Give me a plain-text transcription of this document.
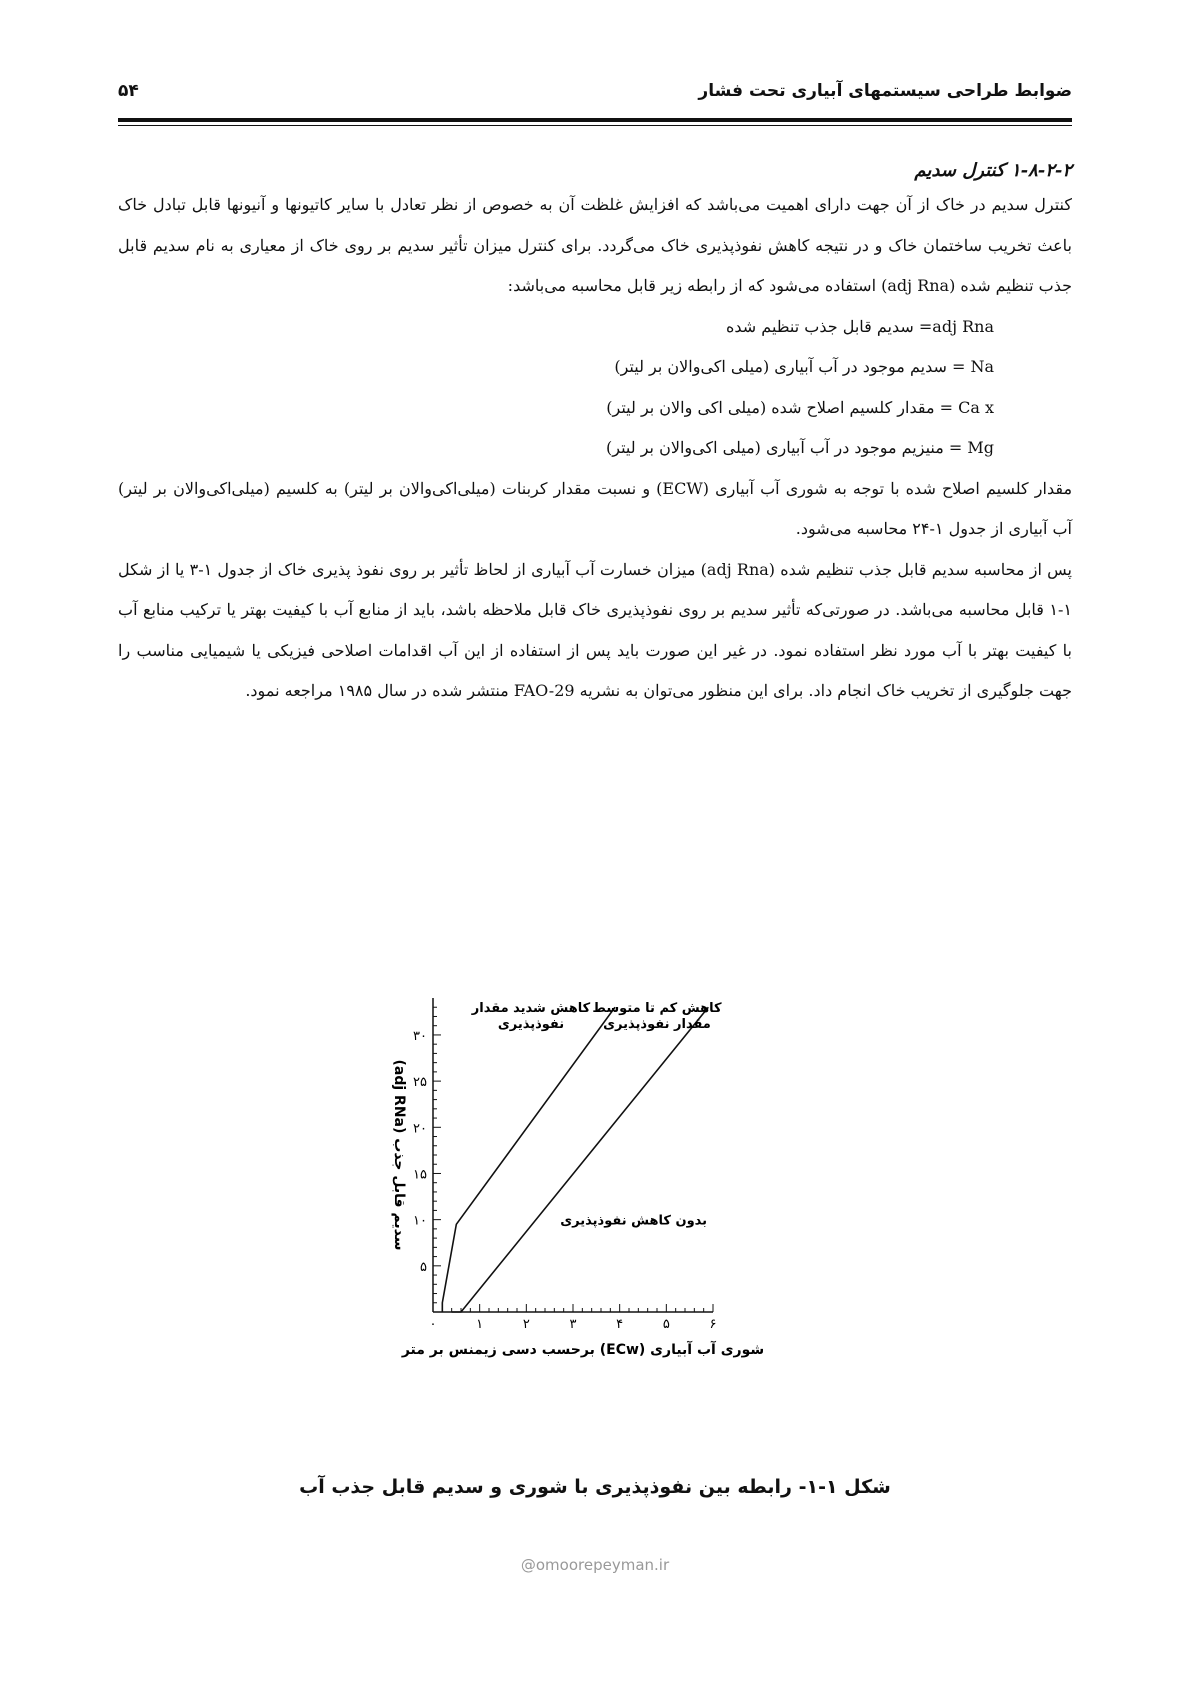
ضوابط طراحی سیستمهای آبیاری تحت فشار
۵۴
۱-۸-۲-۲ کنترل سدیم

کنترل سدیم در خاک از آن جهت دارای اهمیت می‌باشد که افزایش غلظت آن به خصوص از نظر تعادل با سایر کاتیونها و آنیونها قابل تبادل خاک باعث تخریب ساختمان خاک و در نتیجه کاهش نفوذپذیری خاک می‌گردد. برای کنترل میزان تأثیر سدیم بر روی خاک از معیاری به نام سدیم قابل جذب تنظیم شده (adj Rna) استفاده می‌شود که از رابطه زیر قابل محاسبه می‌باشد:

adj Rna= سدیم قابل جذب تنظیم شده
Na = سدیم موجود در آب آبیاری (میلی اکی‌والان بر لیتر)
Ca x = مقدار کلسیم اصلاح شده (میلی اکی والان بر لیتر)
Mg = منیزیم موجود در آب آبیاری (میلی اکی‌والان بر لیتر)

مقدار کلسیم اصلاح شده با توجه به شوری آب آبیاری (ECW) و نسبت مقدار کربنات (میلی‌اکی‌والان بر لیتر) به کلسیم (میلی‌اکی‌والان بر لیتر) آب آبیاری از جدول ۱-۲۴ محاسبه می‌شود.

پس از محاسبه سدیم قابل جذب تنظیم شده (adj Rna) میزان خسارت آب آبیاری از لحاظ تأثیر بر روی نفوذ پذیری خاک از جدول ۱-۳ یا از شکل ۱-۱ قابل محاسبه می‌باشد. در صورتی‌که تأثیر سدیم بر روی نفوذپذیری خاک قابل ملاحظه باشد، باید از منابع آب با کیفیت بهتر یا ترکیب منابع آب با کیفیت بهتر با آب مورد نظر استفاده نمود. در غیر این صورت باید پس از استفاده از این آب اقدامات اصلاحی فیزیکی یا شیمیایی مناسب را جهت جلوگیری از تخریب خاک انجام داد. برای این منظور می‌توان به نشریه FAO-29 منتشر شده در سال ۱۹۸۵ مراجعه نمود.

۵
۱۰
۱۵
۲۰
۲۵
۳۰
۰	۱	۲	۳	۴	۵	۶
شوری آب آبیاری (ECw) برحسب دسی زیمنس بر متر
سدیم قابل جذب (adj RNa)
کاهش شدید مقدار نفوذپذیری
کاهش کم تا متوسط مقدار نفوذپذیری
بدون کاهش نفوذپذیری
شکل ۱-۱- رابطه بین نفوذپذیری با شوری و سدیم قابل جذب آب
@omoorepeyman.ir
